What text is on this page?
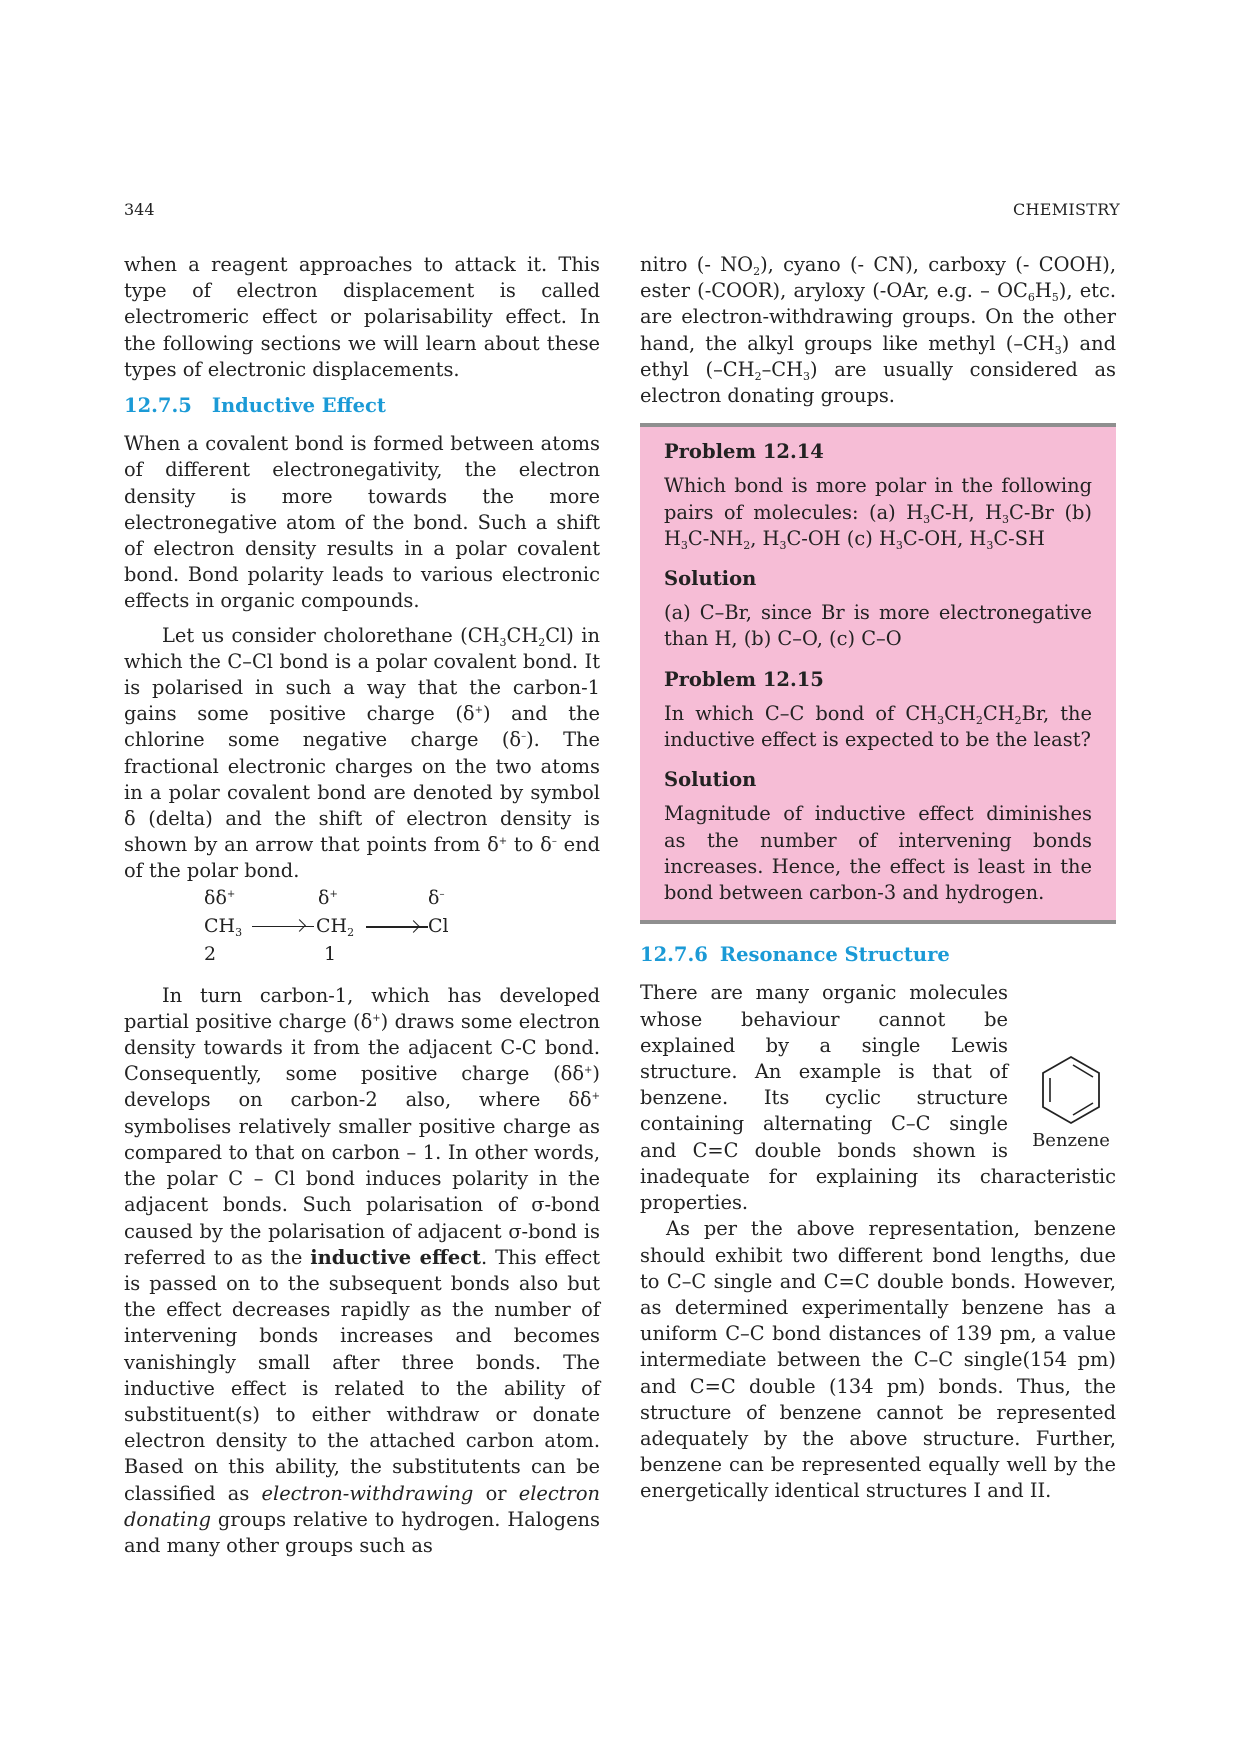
344	CHEMISTRY

when a reagent approaches to attack it. This type of electron displacement is called electromeric effect or polarisability effect. In the following sections we will learn about these types of electronic displacements.

12.7.5 Inductive Effect

When a covalent bond is formed between atoms of different electronegativity, the electron density is more towards the more electronegative atom of the bond. Such a shift of electron density results in a polar covalent bond. Bond polarity leads to various electronic effects in organic compounds.

Let us consider cholorethane $(CH_3CH_2Cl)$ in which the C–Cl bond is a polar covalent bond. It is polarised in such a way that the carbon-1 gains some positive charge (δ+) and the chlorine some negative charge (δ–). The fractional electronic charges on the two atoms in a polar covalent bond are denoted by symbol δ (delta) and the shift of electron density is shown by an arrow that points from δ+ to δ– end of the polar bond.

δδ+	δ+	δ–
$CH_3$	$CH_2$	Cl
2	1

In turn carbon-1, which has developed partial positive charge (δ+) draws some electron density towards it from the adjacent C-C bond. Consequently, some positive charge (δδ+) develops on carbon-2 also, where δδ+ symbolises relatively smaller positive charge as compared to that on carbon – 1. In other words, the polar C – Cl bond induces polarity in the adjacent bonds. Such polarisation of σ-bond caused by the polarisation of adjacent σ-bond is referred to as the inductive effect. This effect is passed on to the subsequent bonds also but the effect decreases rapidly as the number of intervening bonds increases and becomes vanishingly small after three bonds. The inductive effect is related to the ability of substituent(s) to either withdraw or donate electron density to the attached carbon atom. Based on this ability, the substitutents can be classified as electron-withdrawing or electron donating groups relative to hydrogen. Halogens and many other groups such as

nitro (- $NO_2$), cyano (- CN), carboxy (- COOH), ester (-COOR), aryloxy (-OAr, e.g. – $OC_6H_5$), etc. are electron-withdrawing groups. On the other hand, the alkyl groups like methyl $(-CH_3)$ and ethyl $(-CH_2-CH_3)$ are usually considered as electron donating groups.

Problem 12.14

Which bond is more polar in the following pairs of molecules: (a) $H_3C-H$, $H_3C-Br$ (b) $H_3C-NH_2$, $H_3C-OH$ (c) $H_3C-OH$, $H_3C-SH$

Solution

(a) C–Br, since Br is more electronegative than H, (b) C–O, (c) C–O

Problem 12.15

In which C–C bond of $CH_3CH_2CH_2Br$, the inductive effect is expected to be the least?

Solution

Magnitude of inductive effect diminishes as the number of intervening bonds increases. Hence, the effect is least in the bond between carbon-3 and hydrogen.

12.7.6 Resonance Structure
Benzene

There are many organic molecules whose behaviour cannot be explained by a single Lewis structure. An example is that of benzene. Its cyclic structure containing alternating C–C single and C=C double bonds shown is inadequate for explaining its characteristic properties.

As per the above representation, benzene should exhibit two different bond lengths, due to C–C single and C=C double bonds. However, as determined experimentally benzene has a uniform C–C bond distances of 139 pm, a value intermediate between the C–C single(154 pm) and C=C double (134 pm) bonds. Thus, the structure of benzene cannot be represented adequately by the above structure. Further, benzene can be represented equally well by the energetically identical structures I and II.
